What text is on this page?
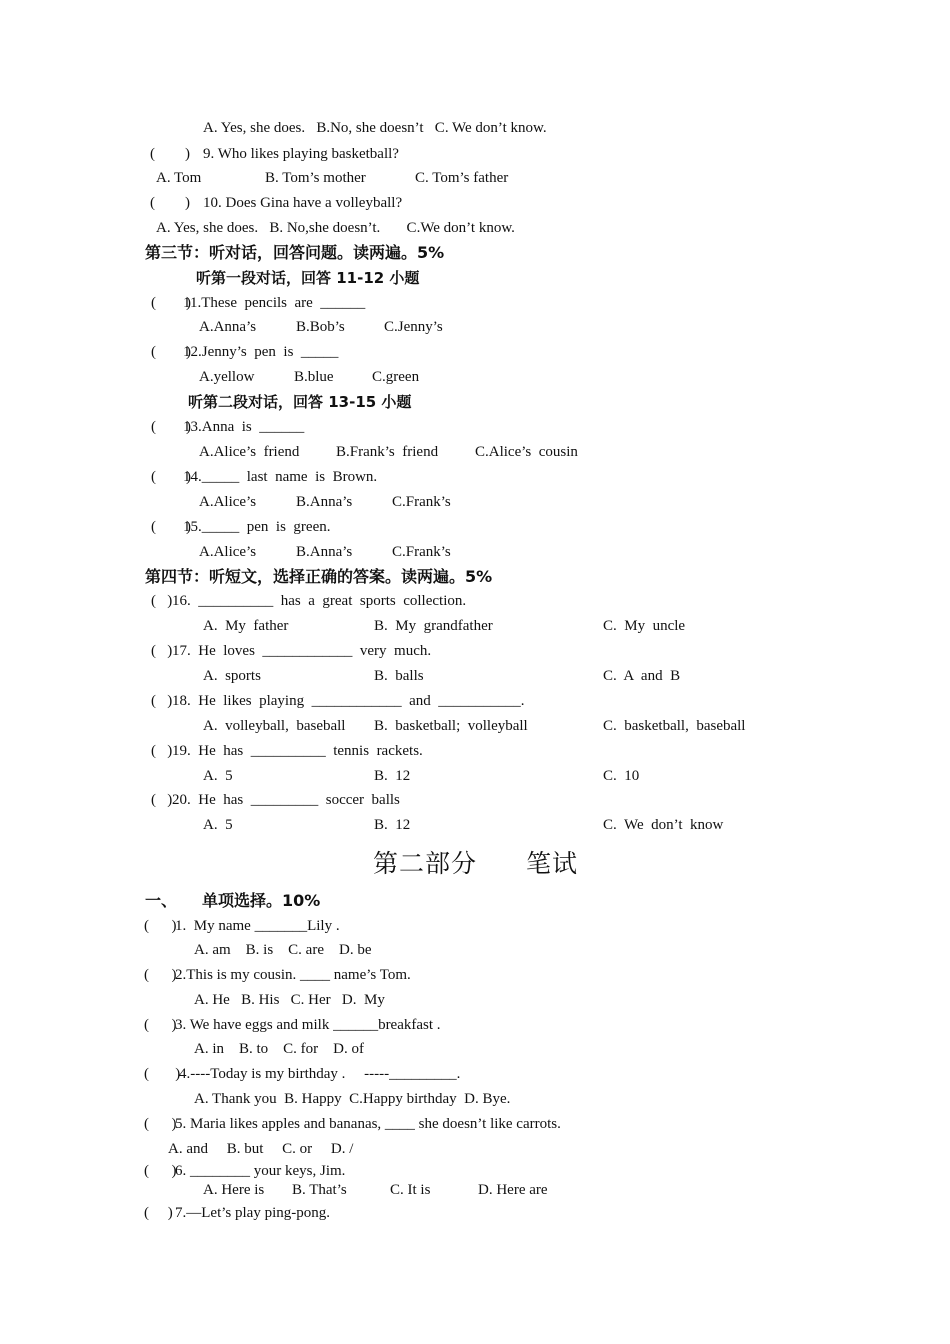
A. Yes, she does.   B.No, she doesn’t   C. We don’t know.
(        ) 9. Who likes playing basketball?
A. Tom	B. Tom’s mother	C. Tom’s father
(        ) 10. Does Gina have a volleyball?
A. Yes, she does.   B. No,she doesn’t.       C.We don’t know.
第三节：听对话，回答问题。读两遍。5%
听第一段对话，回答 11-12 小题
(        )
11.These  pencils  are  ______
A.Anna’s	B.Bob’s	C.Jenny’s
(        )
12.Jenny’s  pen  is  _____
A.yellow	B.blue	C.green
听第二段对话，回答 13-15 小题
(        )
13.Anna  is  ______
A.Alice’s  friend B.Frank’s  friend C.Alice’s  cousin
(        )
14._____  last  name  is  Brown.
A.Alice’s	B.Anna’s	C.Frank’s
(        )
15._____  pen  is  green.
A.Alice’s	B.Anna’s	C.Frank’s
第四节：听短文，选择正确的答案。读两遍。5%
(   ) 16.  __________  has  a  great  sports  collection.
A.  My  father	B.  My  grandfather	C.  My  uncle
(   ) 17.  He  loves  ____________  very  much.
A.  sports	B.  balls	C.  A  and  B
(   ) 18.  He  likes  playing  ____________  and  ___________.
A.  volleyball,  baseball B.  basketball;  volleyball	C.  basketball,  baseball
(   ) 19.  He  has  __________  tennis  rackets.
A.  5	B.  12	C.  10
(   ) 20.  He  has  _________  soccer  balls
A.  5	B.  12	C.  We  don’t  know
第二部分 笔试
一、 单项选择。10%
(      )
1.  My name _______Lily .
A. am    B. is    C. are    D. be
(      )
2.This is my cousin. ____ name’s Tom.
A. He   B. His   C. Her   D.  My
(      )
3. We have eggs and milk ______breakfast .
A. in    B. to    C. for    D. of
(       )
4.----Today is my birthday .     -----_________.
A. Thank you  B. Happy  C.Happy birthday  D. Bye.
(      )
5. Maria likes apples and bananas, ____ she doesn’t like carrots.
A. and     B. but     C. or     D. /
(      )
6. ________ your keys, Jim.
A. Here is B. That’s	C. It is	D. Here are
(     ) 7.—Let’s play ping-pong.
